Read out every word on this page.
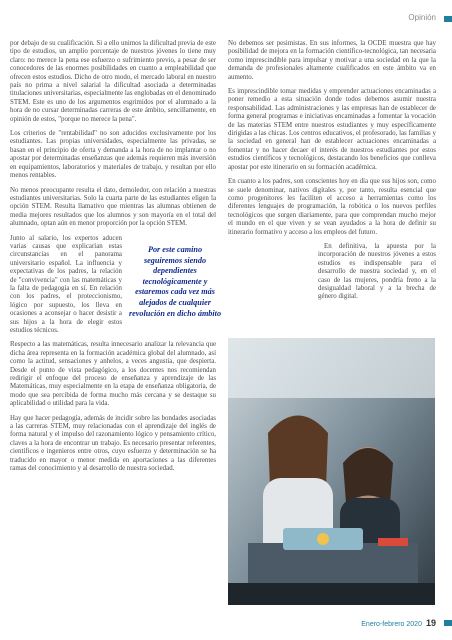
Opinión

por debajo de su cualificación. Si a ello unimos la dificultad previa de este tipo de estudios, un amplio porcentaje de nuestros jóvenes lo tiene muy claro: no merece la pena ese esfuerzo o sufrimiento previo, a pesar de ser conocedores de las enormes posibilidades en cuanto a empleabilidad que ofrecen estos estudios. Dicho de otro modo, el mercado laboral en nuestro país no prima a nivel salarial la dificultad asociada a determinadas titulaciones universitarias, especialmente las englobadas en el denominado STEM. Este es uno de los argumentos esgrimidos por el alumnado a la hora de no cursar determinadas carreras de este ámbito, sencillamente, en opinión de estos, "porque no merece la pena".

Los criterios de "rentabilidad" no son aducidos exclusivamente por los estudiantes. Las propias universidades, especialmente las privadas, se basan en el principio de oferta y demanda a la hora de no implantar o no apostar por determinadas enseñanzas que además requieren más inversión en equipamientos, laboratorios y materiales de trabajo, y resultan por ello menos rentables.

No menos preocupante resulta el dato, demoledor, con relación a nuestras estudiantes universitarias. Solo la cuarta parte de las estudiantes eligen la opción STEM. Resulta llamativo que mientras las alumnas obtienen de media mejores resultados que los alumnos y son mayoría en el total del alumnado, optan aún en menor proporción por la opción STEM.

Junto al salario, los expertos aducen varias causas que explicarían estas circunstancias en el panorama universitario español. La influencia y expectativas de los padres, la relación de "convivencia" con las matemáticas y la falta de pedagogía en sí. En relación con los padres, el proteccionismo, lógico por supuesto, los lleva en ocasiones a aconsejar o hacer desistir a sus hijos a la hora de elegir estos estudios técnicos.

Respecto a las matemáticas, resulta innecesario analizar la relevancia que dicha área representa en la formación académica global del alumnado, así como la actitud, sensaciones y anhelos, a veces angustia, que despierta. Desde el punto de vista pedagógico, a los docentes nos recomiendan redirigir el enfoque del proceso de enseñanza y aprendizaje de las Matemáticas, muy especialmente en la etapa de enseñanza obligatoria, de modo que sea percibida de forma mucho más cercana y se destaque su aplicabilidad o utilidad para la vida.

Hay que hacer pedagogía, además de incidir sobre las bondades asociadas a las carreras STEM, muy relacionadas con el aprendizaje del inglés de forma natural y el impulso del razonamiento lógico y pensamiento crítico, claves a la hora de encontrar un trabajo. Es necesario presentar referentes, científicos e ingenieros entre otros, cuyo esfuerzo y determinación se ha traducido en mayor o menor medida en aportaciones a las diferentes ramas del conocimiento y al desarrollo de nuestra sociedad.

Por este camino seguiremos siendo dependientes tecnológicamente y estaremos cada vez más alejados de cualquier revolución en dicho ámbito

No debemos ser pesimistas. En sus informes, la OCDE muestra que hay posibilidad de mejora en la formación científico-tecnológica, tan necesaria como imprescindible para impulsar y motivar a una sociedad en la que la demanda de profesionales altamente cualificados en este ámbito va en aumento.

Es imprescindible tomar medidas y emprender actuaciones encaminadas a poner remedio a esta situación donde todos debemos asumir nuestra responsabilidad. Las administraciones y las empresas han de establecer de forma general programas e iniciativas encaminadas a fomentar la vocación de las materias STEM entre nuestros estudiantes y muy específicamente dirigidas a las chicas. Los centros educativos, el profesorado, las familias y la sociedad en general han de establecer actuaciones encaminadas a fomentar y no hacer decaer el interés de nuestros estudiantes por estos estudios científicos y tecnológicos, destacando los beneficios que conlleva apostar por este itinerario en su formación académica.

En cuanto a los padres, son conscientes hoy en día que sus hijos son, como se suele denominar, nativos digitales y, por tanto, resulta esencial que como progenitores les faciliten el acceso a herramientas como los diferentes lenguajes de programación, la robótica o los nuevos perfiles tecnológicos que surgen diariamente, para que comprendan mucho mejor el mundo en el que viven y se vean ayudados a la hora de definir su itinerario formativo y acceso a los empleos del futuro.

En definitiva, la apuesta por la incorporación de nuestros jóvenes a estos estudios es indispensable para el desarrollo de nuestra sociedad y, en el caso de las mujeres, pondría freno a la desigualdad laboral y a la brecha de género digital.

Enero-febrero 2020 19
